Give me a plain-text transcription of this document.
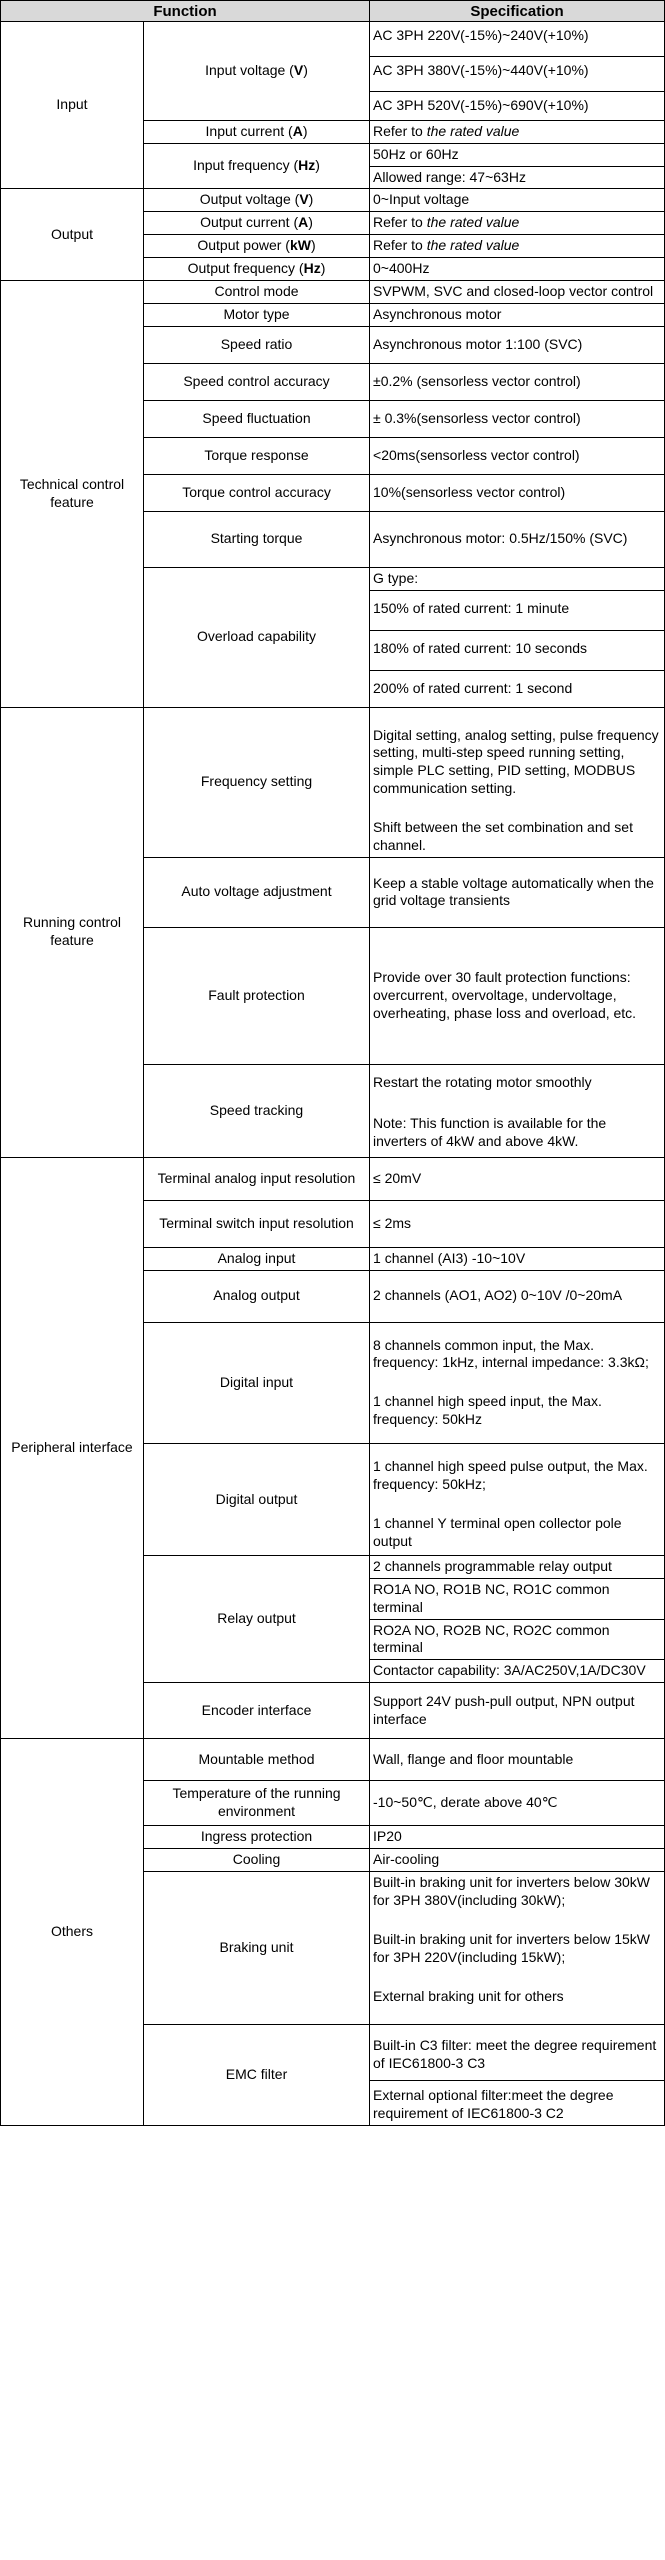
Function		Specification
Input	Input voltage (V)	AC 3PH 220V(-15%)~240V(+10%)
AC 3PH 380V(-15%)~440V(+10%)
AC 3PH 520V(-15%)~690V(+10%)

	Input current (A)	Refer to the rated value

	Input frequency (Hz)	50Hz or 60Hz
Allowed range: 47~63Hz

Output	Output voltage (V)	0~Input voltage

	Output current (A)	Refer to the rated value

	Output power (kW)	Refer to the rated value

	Output frequency (Hz)	0~400Hz

Technical control feature	Control mode	SVPWM, SVC and closed-loop vector control

	Motor type	Asynchronous motor

	Speed ratio	Asynchronous motor 1:100 (SVC)

	Speed control accuracy	±0.2% (sensorless vector control)

	Speed fluctuation	± 0.3%(sensorless vector control)

	Torque response	<20ms(sensorless vector control)

	Torque control accuracy	10%(sensorless vector control)

	Starting torque	Asynchronous motor: 0.5Hz/150% (SVC)

	Overload capability	G type:
150% of rated current: 1 minute
180% of rated current: 10 seconds
200% of rated current: 1 second

Running control feature	Frequency setting	Digital setting, analog setting, pulse frequency setting, multi-step speed running setting, simple PLC setting, PID setting, MODBUS communication setting.
Shift between the set combination and set channel.

	Auto voltage adjustment	Keep a stable voltage automatically when the grid voltage transients

	Fault protection	Provide over 30 fault protection functions: overcurrent, overvoltage, undervoltage, overheating, phase loss and overload, etc.

	Speed tracking	Restart the rotating motor smoothly
Note: This function is available for the inverters of 4kW and above 4kW.

Peripheral interface	Terminal analog input resolution	≤ 20mV

	Terminal switch input resolution	≤ 2ms

	Analog input	1 channel (AI3) -10~10V

	Analog output	2 channels (AO1, AO2) 0~10V /0~20mA

	Digital input	8 channels common input, the Max. frequency: 1kHz, internal impedance: 3.3kΩ;
1 channel high speed input, the Max. frequency: 50kHz

	Digital output	1 channel high speed pulse output, the Max. frequency: 50kHz;
1 channel Y terminal open collector pole output

	Relay output	2 channels programmable relay output
RO1A NO, RO1B NC, RO1C common terminal
RO2A NO, RO2B NC, RO2C common terminal
Contactor capability: 3A/AC250V,1A/DC30V

	Encoder interface	Support 24V push-pull output, NPN output interface

Others	Mountable method	Wall, flange and floor mountable

	Temperature of the running environment	-10~50℃, derate above 40℃

	Ingress protection	IP20

	Cooling	Air-cooling

	Braking unit	Built-in braking unit for inverters below 30kW for 3PH 380V(including 30kW);
Built-in braking unit for inverters below 15kW for 3PH 220V(including 15kW);
External braking unit for others

	EMC filter	Built-in C3 filter: meet the degree requirement of IEC61800-3 C3
External optional filter:meet the degree requirement of IEC61800-3 C2
